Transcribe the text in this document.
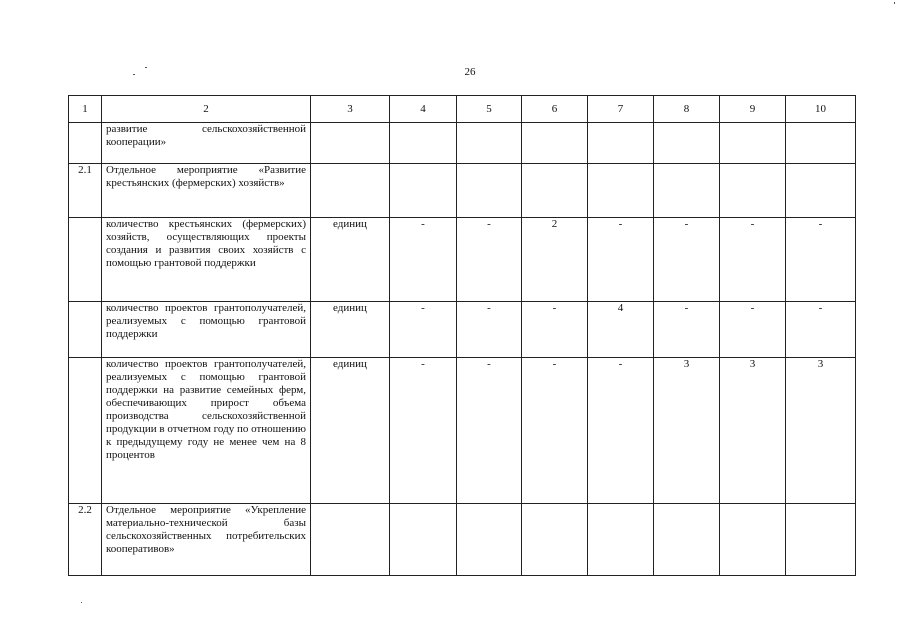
26
1	2	3	4	5	6	7	8	9	10
	развитие сельскохозяйственной кооперации»								
2.1	Отдельное мероприятие «Развитие крестьянских (фермерских) хозяйств»								
	количество крестьянских (фермерских) хозяйств, осуществляющих проекты создания и развития своих хозяйств с помощью грантовой поддержки	единиц	-	-	2	-	-	-	-
	количество проектов грантополучателей, реализуемых с помощью грантовой поддержки	единиц	-	-	-	4	-	-	-
	количество проектов грантополучателей, реализуемых с помощью грантовой поддержки на развитие семейных ферм, обеспечивающих прирост объема производства сельскохозяйственной продукции в отчетном году по отношению к предыдущему году не менее чем на 8 процентов	единиц	-	-	-	-	3	3	3
2.2	Отдельное мероприятие «Укрепление материально-технической базы сельскохозяйственных потребительских кооперативов»								
